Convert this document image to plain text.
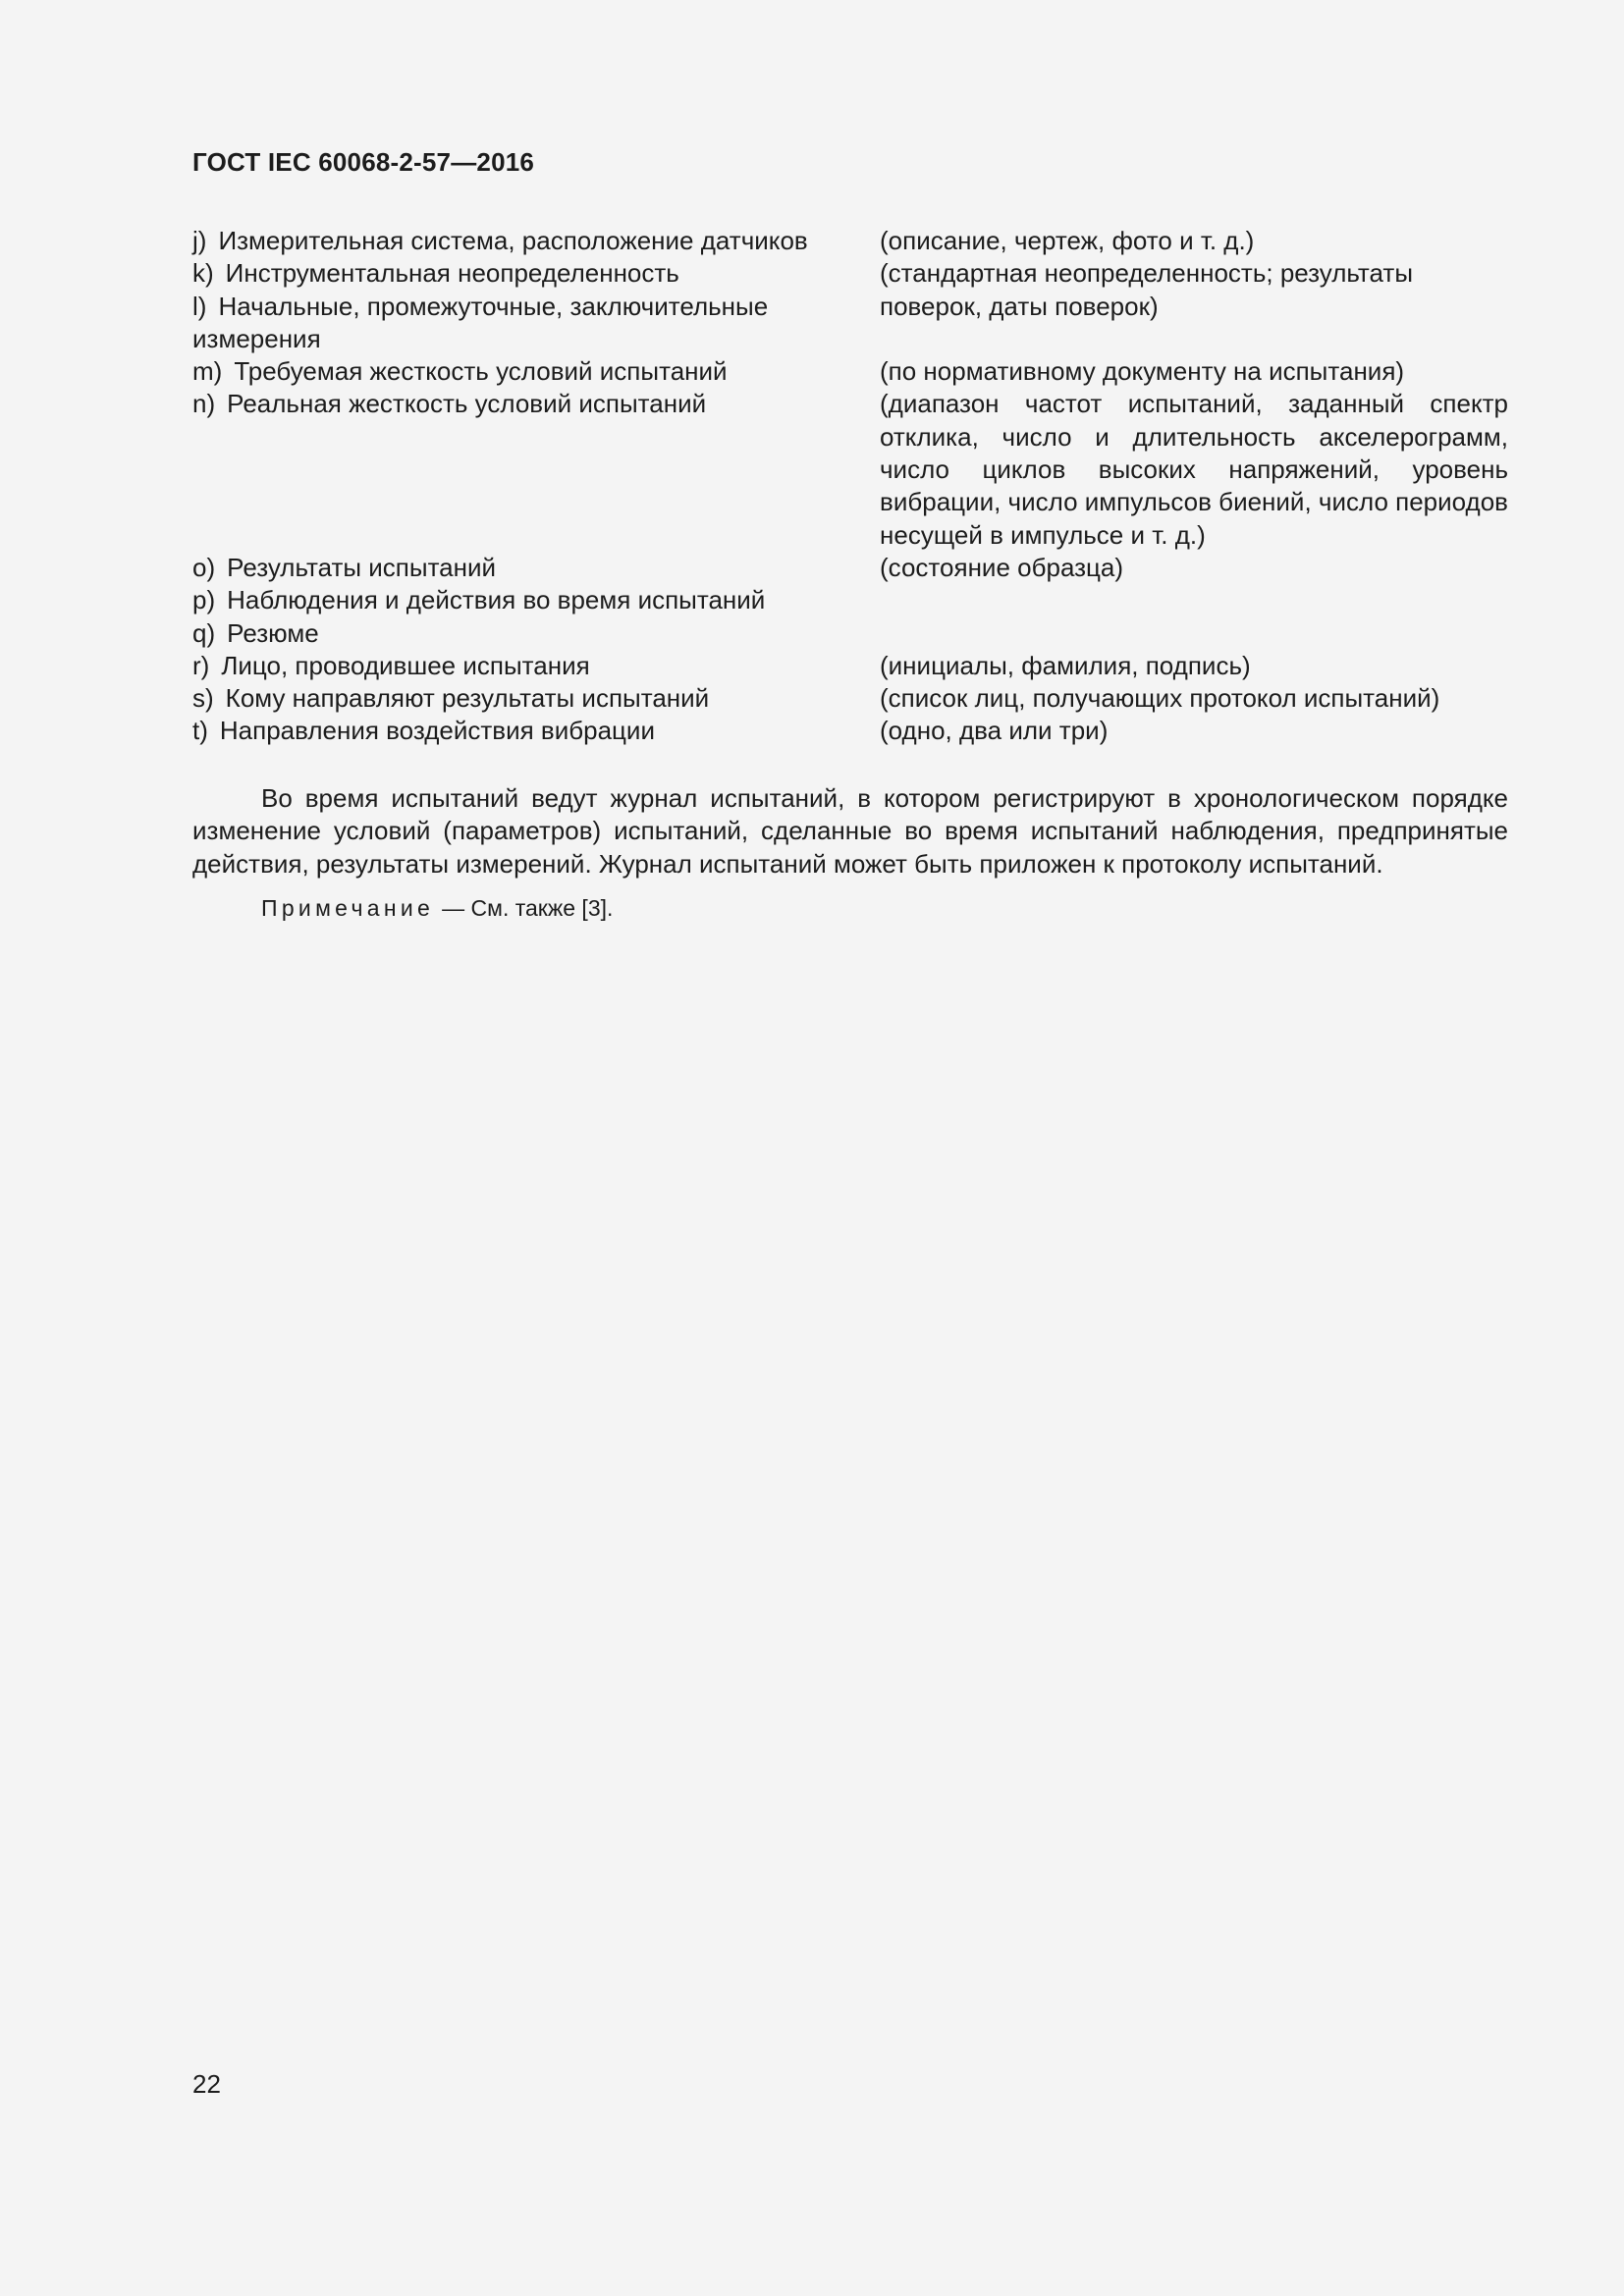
ГОСТ IEC 60068-2-57—2016
j) Измерительная система, расположение датчиков	(описание, чертеж, фото и т. д.)
k) Инструментальная неопределенность	(стандартная неопределенность; результаты поверок, даты поверок)
l) Начальные, промежуточные, заключительные измерения
m) Требуемая жесткость условий испытаний	(по нормативному документу на испытания)
n) Реальная жесткость условий испытаний	(диапазон частот испытаний, заданный спектр отклика, число и длительность акселерограмм, число циклов высоких напряжений, уровень вибрации, число импульсов биений, число периодов несущей в импульсе и т. д.)
o) Результаты испытаний	(состояние образца)
p) Наблюдения и действия во время испытаний
q) Резюме
r) Лицо, проводившее испытания	(инициалы, фамилия, подпись)
s) Кому направляют результаты испытаний	(список лиц, получающих протокол испытаний)
t) Направления воздействия вибрации	(одно, два или три)
Во время испытаний ведут журнал испытаний, в котором регистрируют в хронологическом порядке изменение условий (параметров) испытаний, сделанные во время испытаний наблюдения, предпринятые действия, результаты измерений. Журнал испытаний может быть приложен к протоколу испытаний.
Примечание — См. также [3].
22
